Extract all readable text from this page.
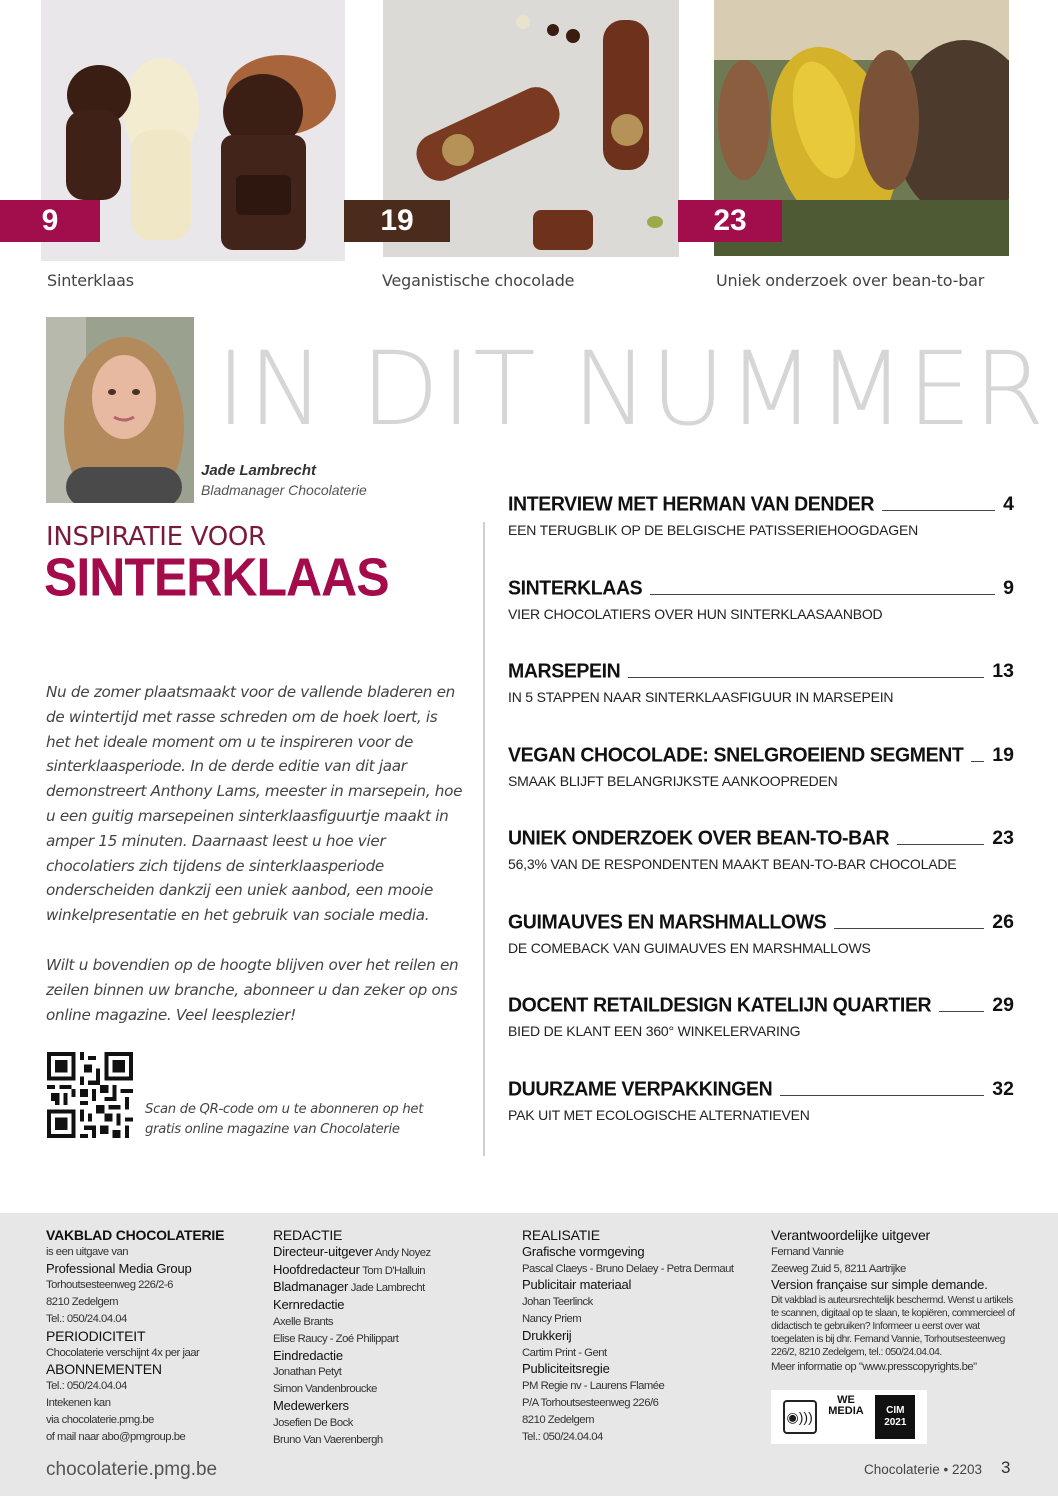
9
Sinterklaas
19
Veganistische chocolade
23
Uniek onderzoek over bean-to-bar
IN DIT NUMMER
Jade Lambrecht
Bladmanager Chocolaterie
INSPIRATIE VOOR
SINTERKLAAS

Nu de zomer plaatsmaakt voor de vallende bladeren en de wintertijd met rasse schreden om de hoek loert, is het het ideale moment om u te inspireren voor de sinterklaasperiode. In de derde editie van dit jaar demonstreert Anthony Lams, meester in marsepein, hoe u een guitig marsepeinen sinterklaasfiguurtje maakt in amper 15 minuten. Daarnaast leest u hoe vier chocolatiers zich tijdens de sinterklaasperiode onderscheiden dankzij een uniek aanbod, een mooie winkelpresentatie en het gebruik van sociale media.

Wilt u bovendien op de hoogte blijven over het reilen en zeilen binnen uw branche, abonneer u dan zeker op ons online magazine. Veel leesplezier!

Scan de QR-code om u te abonneren op het gratis online magazine van Chocolaterie
INTERVIEW MET HERMAN VAN DENDER	4
EEN TERUGBLIK OP DE BELGISCHE PATISSERIEHOOGDAGEN
SINTERKLAAS	9
VIER CHOCOLATIERS OVER HUN SINTERKLAASAANBOD
MARSEPEIN	13
IN 5 STAPPEN NAAR SINTERKLAASFIGUUR IN MARSEPEIN
VEGAN CHOCOLADE: SNELGROEIEND SEGMENT 19
SMAAK BLIJFT BELANGRIJKSTE AANKOOPREDEN
UNIEK ONDERZOEK OVER BEAN-TO-BAR	23
56,3% VAN DE RESPONDENTEN MAAKT BEAN-TO-BAR CHOCOLADE
GUIMAUVES EN MARSHMALLOWS	26
DE COMEBACK VAN GUIMAUVES EN MARSHMALLOWS
DOCENT RETAILDESIGN KATELIJN QUARTIER	29
BIED DE KLANT EEN 360° WINKELERVARING
DUURZAME VERPAKKINGEN	32
PAK UIT MET ECOLOGISCHE ALTERNATIEVEN
VAKBLAD CHOCOLATERIE
is een uitgave van
Professional Media Group
Torhoutsesteenweg 226/2-6
8210 Zedelgem
Tel.: 050/24.04.04
PERIODICITEIT
Chocolaterie verschijnt 4x per jaar
ABONNEMENTEN
Tel.: 050/24.04.04
Intekenen kan
via chocolaterie.pmg.be
of mail naar abo@pmgroup.be
REDACTIE
Directeur-uitgever Andy Noyez
Hoofdredacteur Tom D'Halluin
Bladmanager Jade Lambrecht
Kernredactie
Axelle Brants
Elise Raucy - Zoé Philippart
Eindredactie
Jonathan Petyt
Simon Vandenbroucke
Medewerkers
Josefien De Bock
Bruno Van Vaerenbergh
REALISATIE
Grafische vormgeving
Pascal Claeys - Bruno Delaey - Petra Dermaut
Publicitair materiaal
Johan Teerlinck
Nancy Priem
Drukkerij
Cartim Print - Gent
Publiciteitsregie
PM Regie nv - Laurens Flamée
P/A Torhoutsesteenweg 226/6
8210 Zedelgem
Tel.: 050/24.04.04
Verantwoordelijke uitgever
Fernand Vannie
Zeeweg Zuid 5, 8211 Aartrijke
Version française sur simple demande.
Dit vakblad is auteursrechtelijk beschermd. Wenst u artikels te scannen, digitaal op te slaan, te kopiëren, commercieel of didactisch te gebruiken? Informeer u eerst over wat toegelaten is bij dhr. Fernand Vannie, Torhoutsesteenweg 226/2, 8210 Zedelgem, tel.: 050/24.04.04.
Meer informatie op "www.presscopyrights.be"
◉)))
WE MEDIA	CIM
2021
chocolaterie.pmg.be	Chocolaterie • 2203 3
